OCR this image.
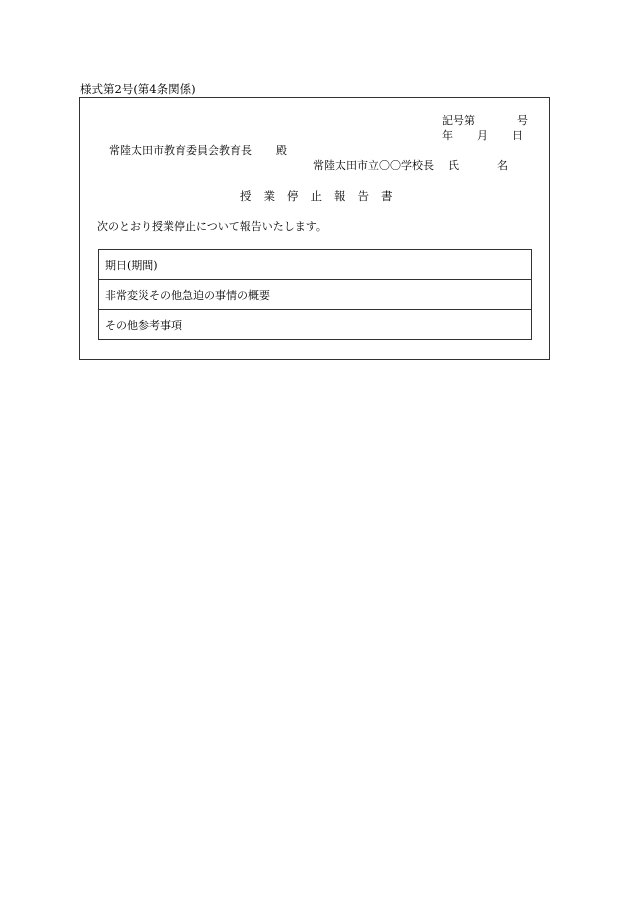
様式第2号(第4条関係)
記号第	号
年 月 日
常陸太田市教育委員会教育長 殿
常陸太田市立〇〇学校長 氏	名
授 業 停 止 報 告 書
次のとおり授業停止について報告いたします。
期日(期間)
非常変災その他急迫の事情の概要
その他参考事項
